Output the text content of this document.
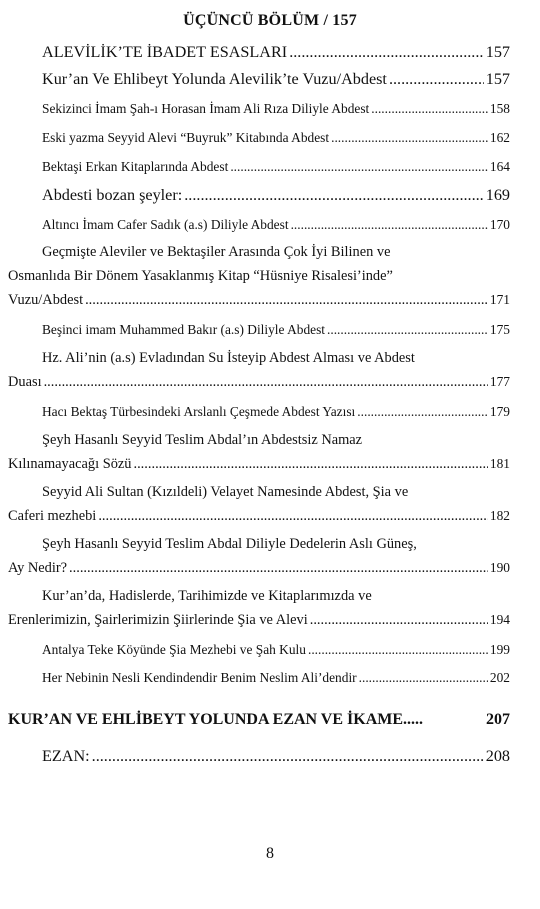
ÜÇÜNCÜ BÖLÜM / 157
ALEVİLİK’TE İBADET ESASLARI .....	157
Kur’an Ve Ehlibeyt Yolunda Alevilik’te Vuzu/Abdest .....	157
Sekizinci İmam Şah-ı Horasan İmam Ali Rıza Diliyle Abdest .....	158
Eski yazma Seyyid Alevi “Buyruk” Kitabında Abdest .....	162
Bektaşi Erkan Kitaplarında Abdest .....	164
Abdesti bozan şeyler: .....	169
Altıncı İmam Cafer Sadık (a.s) Diliyle Abdest .....	170
Geçmişte Aleviler ve Bektaşiler Arasında Çok İyi Bilinen ve
Osmanlıda Bir Dönem Yasaklanmış Kitap “Hüsniye Risalesi’inde”
Vuzu/Abdest .....	171
Beşinci imam Muhammed Bakır (a.s) Diliyle Abdest .....	175
Hz. Ali’nin (a.s) Evladından Su İsteyip Abdest Alması ve Abdest
Duası .....	177
Hacı Bektaş Türbesindeki Arslanlı Çeşmede Abdest Yazısı .....	179
Şeyh Hasanlı Seyyid Teslim Abdal’ın Abdestsiz Namaz
Kılınamayacağı Sözü .....	181
Seyyid Ali Sultan (Kızıldeli) Velayet Namesinde Abdest, Şia ve
Caferi mezhebi .....	182
Şeyh Hasanlı Seyyid Teslim Abdal Diliyle Dedelerin Aslı Güneş,
Ay Nedir? .....	190
Kur’an’da, Hadislerde, Tarihimizde ve Kitaplarımızda ve
Erenlerimizin, Şairlerimizin Şiirlerinde Şia ve Alevi .....	194
Antalya Teke Köyünde Şia Mezhebi ve Şah Kulu .....	199
Her Nebinin Nesli Kendindendir Benim Neslim Ali’dendir .....	202
KUR’AN VE EHLİBEYT YOLUNDA EZAN VE İKAME.....	207
EZAN: .....	208
8
